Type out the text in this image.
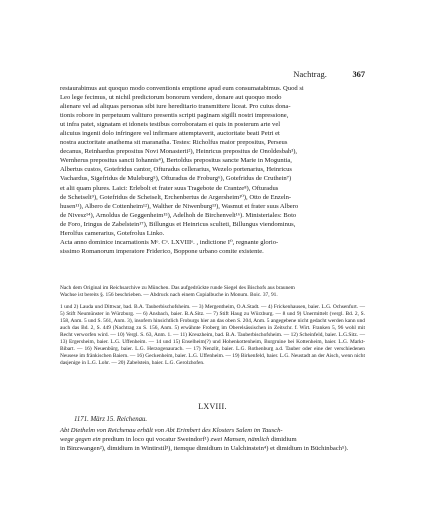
Nachtrag.	367
restaurabimus aut quoquo modo conventionis emptione apud eum consumatabimus. Quod si
Leo lege fecimus, ut nichil predictorum bonorum vendere, donare aut quoquo modo
alienare vel ad aliquas personas sibi iure hereditario transmittere liceat. Pro cuius dona-
tionis robore in perpetuum valiturо presentis scripti paginam sigilli nostri impressione,
ut infra patet, signatam et idoneis testibus corroboratam ei quis in posterum arte vel
alicuius ingenii dolo infringere vel infirmare attemptaverit, auctoritate beati Petri et
nostra auctoritate anathema sit maranatha. Testes: Richolfus maior prepositus, Perseus
decanus, Reinhardus prepositus Novi Monasterii²), Heinricus prepositus de Onoldesbah³),
Wernherus prepositus sancti Iohannis⁴), Bertoldus prepositus sancte Marie in Moguntia,
Albertus custos, Gotefridus cantor, Ofturadus cellerarius, Wezelo portenarius, Heinricus
Vachardus, Sigefridus de Muleburg⁵), Ofturadus de Froburg⁶), Gotefridus de Cruthein⁷)
et alii quam plures. Laici: Erlebolt et frater suus Tragebote de Crantze⁸), Ofturadus
de Scheiselt⁹), Gotefridus de Scheiselt, Erchenbertus de Argersheim¹⁰), Otto de Enzeln-
husen¹¹), Albero de Cottenheim¹²), Walther de Niwenburg¹³), Wasmut et frater suus Albero
de Nivesz¹⁴), Arnoldus de Geggenheim¹⁵), Adelhoh de Birchenvelt¹⁶). Ministeriales: Boto
de Foro, Iringus de Zabelstein¹⁷), Billungus et Heinricus scultetі, Billungus viendominus,
Herolfus camerarius, Gotefrolus Linko.
Acta anno dominice incarnationis Mᵒ. Cᵒ. LXVIIIᵒ. , indictione I⁰, regnante glorio-
sissimo Romanorum imperatore Friderico, Boppone urbano comite existente.
Nach dem Original im Reichsarchive zu München. Das aufgedrückte runde Siegel des Bischofs aus braunem
Wachse ist bereits §. 156 beschrieben. — Abdruck nach einem Copialbuche in Monum. Boic. 37, 91.
1 und 2) Lauda und Dittwar, bad. B.A. Tauberbischofsheim. — 3) Mergentheim, O.A.Stadt. — 4) Frickenhausen, baier. L.G. Ochsenfurt. — 5) Stift Neumünster in Würzburg. — 6) Ansbach, baier. B.A.Sitz. — 7) Stift Haug zu Würzburg. — 8 und 9) Unermittelt (vergl. Bd. 2, S. 158, Anm. 5 und S. 561, Anm. 3), insofern hinsichtlich Froburgs hier an das oben S. 204, Anm. 5 angegebene nicht gedacht werden kann und auch das Bd. 2, S. 449 (Nachtrag zu S. 156, Anm. 5) erwähnte Froberg im Oberelsässischen in Zeitschr. f. Wirt. Franken 5, 96 wohl mit Recht verworfen wird. — 10) Vergl. S. 63, Anm. 1. — 11) Kreuzheim, bad. B.A. Tauberbischofsheim. — 12) Scheinfeld, baier. L.G.Sitz. — 13) Ergersheim, baier. L.G. Uffenheim. — 14 und 15) Enselheim(?) und Hohenkottenheim, Burgruine bei Kottenheim, baier. L.G. Markt-Bibart. — 16) Neuenbürg, baier. L.G. Herzogenaurach. — 17) Nenzlit, baier. L.G. Rothenburg a.d. Tauber oder eine der verschiedenen Neusese im fränkischen Baiern. — 16) Geckenheim, baier. L.G. Uffenheim. — 19) Birkenfeld, baier. L.G. Neustadt an der Aisch, wenn nicht dasjenige in L.G. Lohr. — 20) Zabelstein, baier. L.G. Gerolzhofen.
LXVIII.
1171. März 15. Reichenau.
Abt Diethelm von Reichenau erhält von Abt Erimbert des Klosters Salem im Tausch-
wege gegen ein predium in loco qui vocatur Sweindorf¹) zwei Mansen, nämlich dimidium
in Binzwangen²), dimidium in Wintirstil³), itemque dimidium in Ualchinstein⁴) et dimidium in Büchinbach⁵).
